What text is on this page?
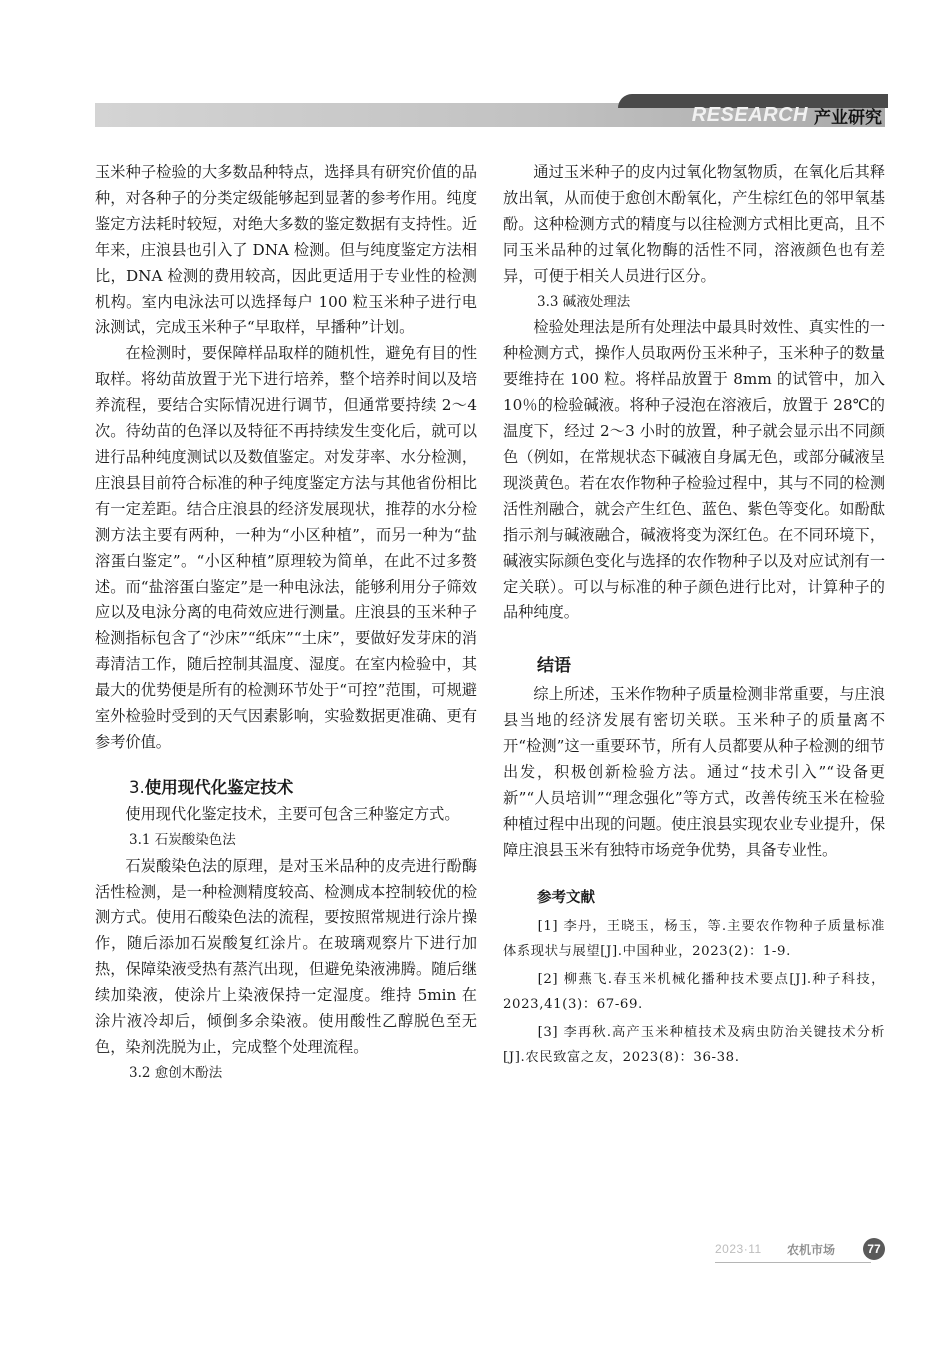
RESEARCH 产业研究

玉米种子检验的大多数品种特点，选择具有研究价值的品种，对各种子的分类定级能够起到显著的参考作用。纯度鉴定方法耗时较短，对绝大多数的鉴定数据有支持性。近年来，庄浪县也引入了 DNA 检测。但与纯度鉴定方法相比，DNA 检测的费用较高，因此更适用于专业性的检测机构。室内电泳法可以选择每户 100 粒玉米种子进行电泳测试，完成玉米种子“早取样，早播种”计划。

在检测时，要保障样品取样的随机性，避免有目的性取样。将幼苗放置于光下进行培养，整个培养时间以及培养流程，要结合实际情况进行调节，但通常要持续 2～4 次。待幼苗的色泽以及特征不再持续发生变化后，就可以进行品种纯度测试以及数值鉴定。对发芽率、水分检测，庄浪县目前符合标准的种子纯度鉴定方法与其他省份相比有一定差距。结合庄浪县的经济发展现状，推荐的水分检测方法主要有两种，一种为“小区种植”，而另一种为“盐溶蛋白鉴定”。“小区种植”原理较为简单，在此不过多赘述。而“盐溶蛋白鉴定”是一种电泳法，能够利用分子筛效应以及电泳分离的电荷效应进行测量。庄浪县的玉米种子检测指标包含了“沙床”“纸床”“土床”，要做好发芽床的消毒清洁工作，随后控制其温度、湿度。在室内检验中，其最大的优势便是所有的检测环节处于“可控”范围，可规避室外检验时受到的天气因素影响，实验数据更准确、更有参考价值。

3.使用现代化鉴定技术

使用现代化鉴定技术，主要可包含三种鉴定方式。

3.1 石炭酸染色法

石炭酸染色法的原理，是对玉米品种的皮壳进行酚酶活性检测，是一种检测精度较高、检测成本控制较优的检测方式。使用石酸染色法的流程，要按照常规进行涂片操作，随后添加石炭酸复红涂片。在玻璃观察片下进行加热，保障染液受热有蒸汽出现，但避免染液沸腾。随后继续加染液，使涂片上染液保持一定湿度。维持 5min 在涂片液冷却后，倾倒多余染液。使用酸性乙醇脱色至无色，染剂洗脱为止，完成整个处理流程。

3.2 愈创木酚法

通过玉米种子的皮内过氧化物氢物质，在氧化后其释放出氧，从而使于愈创木酚氧化，产生棕红色的邻甲氧基酚。这种检测方式的精度与以往检测方式相比更高，且不同玉米品种的过氧化物酶的活性不同，溶液颜色也有差异，可便于相关人员进行区分。

3.3 碱液处理法

检验处理法是所有处理法中最具时效性、真实性的一种检测方式，操作人员取两份玉米种子，玉米种子的数量要维持在 100 粒。将样品放置于 8mm 的试管中，加入 10％的检验碱液。将种子浸泡在溶液后，放置于 28℃的温度下，经过 2～3 小时的放置，种子就会显示出不同颜色（例如，在常规状态下碱液自身属无色，或部分碱液呈现淡黄色。若在农作物种子检验过程中，其与不同的检测活性剂融合，就会产生红色、蓝色、紫色等变化。如酚酞指示剂与碱液融合，碱液将变为深红色。在不同环境下，碱液实际颜色变化与选择的农作物种子以及对应试剂有一定关联）。可以与标准的种子颜色进行比对，计算种子的品种纯度。

结语

综上所述，玉米作物种子质量检测非常重要，与庄浪县当地的经济发展有密切关联。玉米种子的质量离不开“检测”这一重要环节，所有人员都要从种子检测的细节出发，积极创新检验方法。通过“技术引入”“设备更新”“人员培训”“理念强化”等方式，改善传统玉米在检验种植过程中出现的问题。使庄浪县实现农业专业提升，保障庄浪县玉米有独特市场竞争优势，具备专业性。

参考文献
[1] 李丹，王晓玉，杨玉，等.主要农作物种子质量标准体系现状与展望[J].中国种业，2023(2)：1-9.
[2] 柳燕飞.春玉米机械化播种技术要点[J].种子科技，2023,41(3)：67-69.
[3] 李再秋.高产玉米种植技术及病虫防治关键技术分析[J].农民致富之友，2023(8)：36-38.
2023·11 农机市场	77
